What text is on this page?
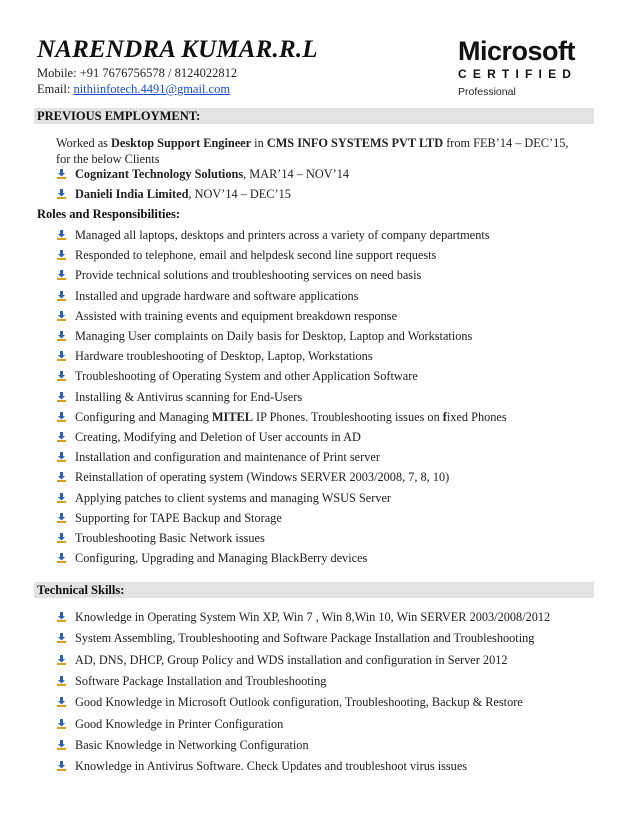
NARENDRA KUMAR.R.L
Mobile: +91 7676756578 / 8124022812
Email: nithiinfotech.4491@gmail.com
Microsoft
CERTIFIED
Professional
PREVIOUS EMPLOYMENT:
Worked as Desktop Support Engineer in CMS INFO SYSTEMS PVT LTD from FEB’14 – DEC’15, for the below Clients
Cognizant Technology Solutions, MAR’14 – NOV’14
Danieli India Limited, NOV’14 – DEC’15
Roles and Responsibilities:
Managed all laptops, desktops and printers across a variety of company departments
Responded to telephone, email and helpdesk second line support requests
Provide technical solutions and troubleshooting services on need basis
Installed and upgrade hardware and software applications
Assisted with training events and equipment breakdown response
Managing User complaints on Daily basis for Desktop, Laptop and Workstations
Hardware troubleshooting of Desktop, Laptop, Workstations
Troubleshooting of Operating System and other Application Software
Installing & Antivirus scanning for End-Users
Configuring and Managing MITEL IP Phones. Troubleshooting issues on fixed Phones
Creating, Modifying and Deletion of User accounts in AD
Installation and configuration and maintenance of Print server
Reinstallation of operating system (Windows SERVER 2003/2008, 7, 8, 10)
Applying patches to client systems and managing WSUS Server
Supporting for TAPE Backup and Storage
Troubleshooting Basic Network issues
Configuring, Upgrading and Managing BlackBerry devices
Technical Skills:
Knowledge in Operating System Win XP, Win 7 , Win 8,Win 10, Win SERVER 2003/2008/2012
System Assembling, Troubleshooting and Software Package Installation and Troubleshooting
AD, DNS, DHCP, Group Policy and WDS installation and configuration in Server 2012
Software Package Installation and Troubleshooting
Good Knowledge in Microsoft Outlook configuration, Troubleshooting, Backup & Restore
Good Knowledge in Printer Configuration
Basic Knowledge in Networking Configuration
Knowledge in Antivirus Software. Check Updates and troubleshoot virus issues
